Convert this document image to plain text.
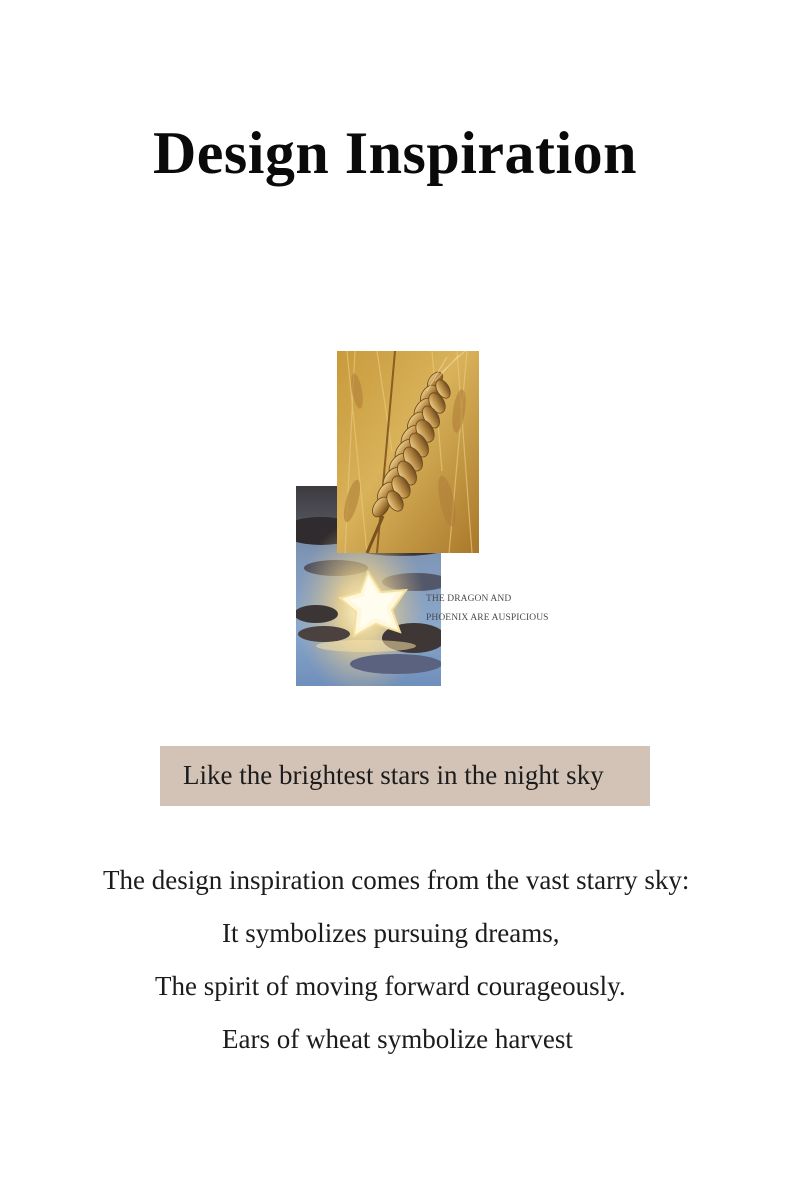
Design Inspiration
THE DRAGON AND
PHOENIX ARE AUSPICIOUS
Like the brightest stars in the night sky
The design inspiration comes from the vast starry sky:
It symbolizes pursuing dreams,
The spirit of moving forward courageously.
Ears of wheat symbolize harvest
